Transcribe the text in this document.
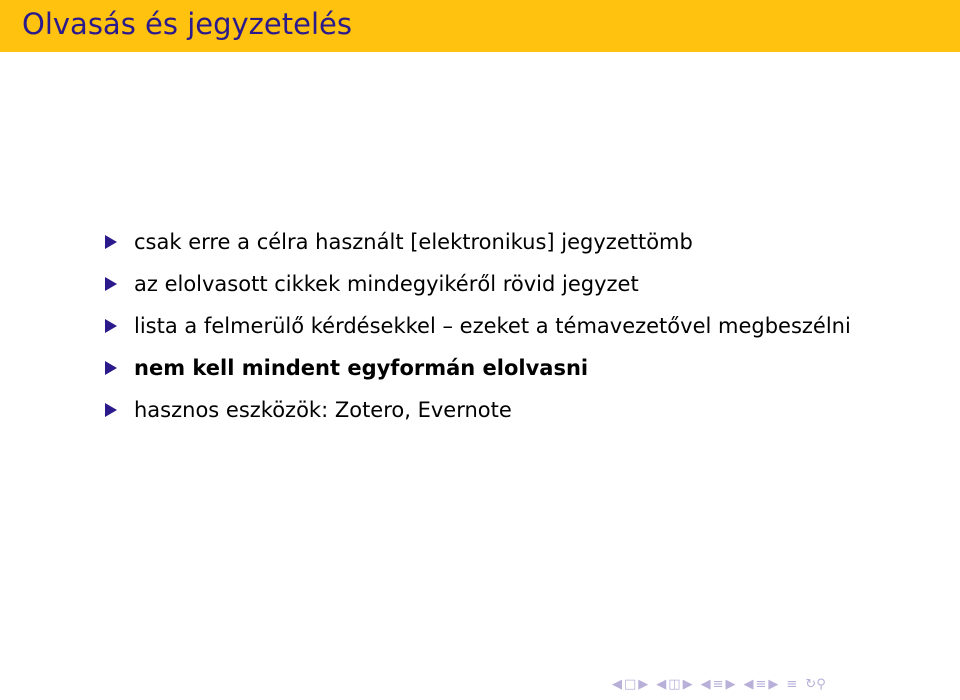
Olvasás és jegyzetelés
csak erre a célra használt [elektronikus] jegyzettömb
az elolvasott cikkek mindegyikéről rövid jegyzet
lista a felmerülő kérdésekkel – ezeket a témavezetővel megbeszélni
nem kell mindent egyformán elolvasni
hasznos eszközök: Zotero, Evernote
◀ □ ▶ ◀ ◫ ▶ ◀ ≡ ▶ ◀ ≡ ▶ ≡ ↻⚲
